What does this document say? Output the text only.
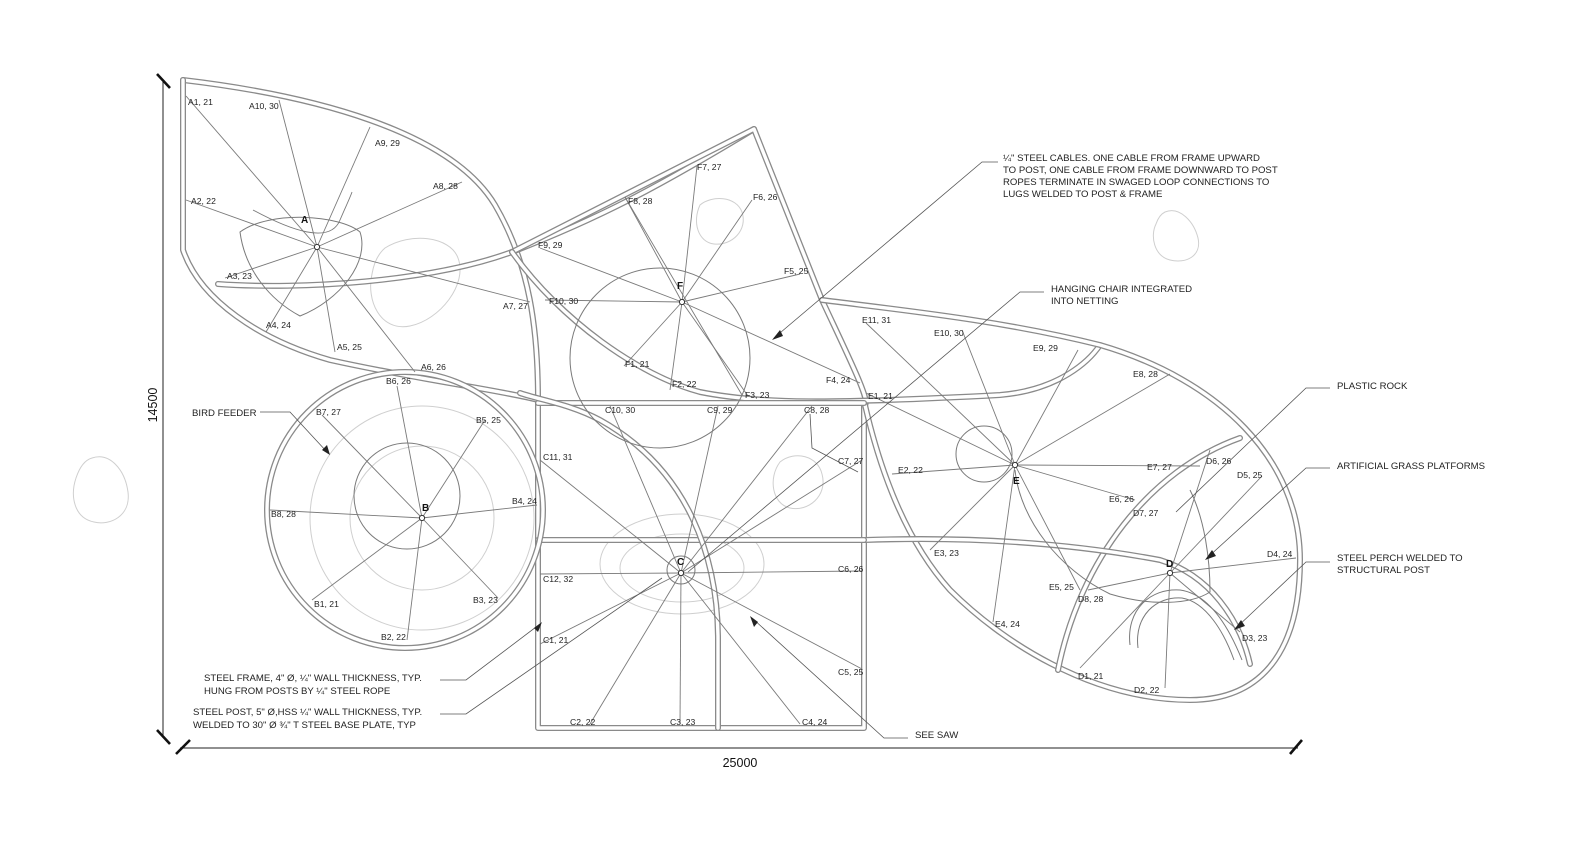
A
B
C	D
E
F
A1, 21
A2, 22
A3, 23
A4, 24
A5, 25
A6, 26
A7, 27
A8, 28
A9, 29
A10, 30
B1, 21
B2, 22
B3, 23
B4, 24
B5, 25
B6, 26
B7, 27
B8, 28
C1, 21
C2, 22	C3, 23	C4, 24
C5, 25
C6, 26
C7, 27
C8, 28
C9, 29
C10, 30
C11, 31
C12, 32
D1, 21
D2, 22
D3, 23
D4, 24
D5, 25
D6, 26
D7, 27
D8, 28
E1, 21
E2, 22
E3, 23
E4, 24
E5, 25
E6, 26
E7, 27
E8, 28
E9, 29
E10, 30
E11, 31
F1, 21
F2, 22
F3, 23
F4, 24
F5, 25
F6, 26
F7, 27
F8, 28
F9, 29
F10, 30
¼" STEEL CABLES. ONE CABLE FROM FRAME UPWARD
TO POST, ONE CABLE FROM FRAME DOWNWARD TO POST
ROPES TERMINATE IN SWAGED LOOP CONNECTIONS TO
LUGS WELDED TO POST & FRAME
HANGING CHAIR INTEGRATED
INTO NETTING
PLASTIC ROCK
ARTIFICIAL GRASS PLATFORMS
STEEL PERCH WELDED TO
STRUCTURAL POST
BIRD FEEDER
STEEL FRAME, 4" Ø, ¼" WALL THICKNESS, TYP.
HUNG FROM POSTS BY ¼" STEEL ROPE
STEEL POST, 5" Ø,HSS ¼" WALL THICKNESS, TYP.
WELDED TO 30" Ø ¾" T STEEL BASE PLATE, TYP
SEE SAW
25000
14500
